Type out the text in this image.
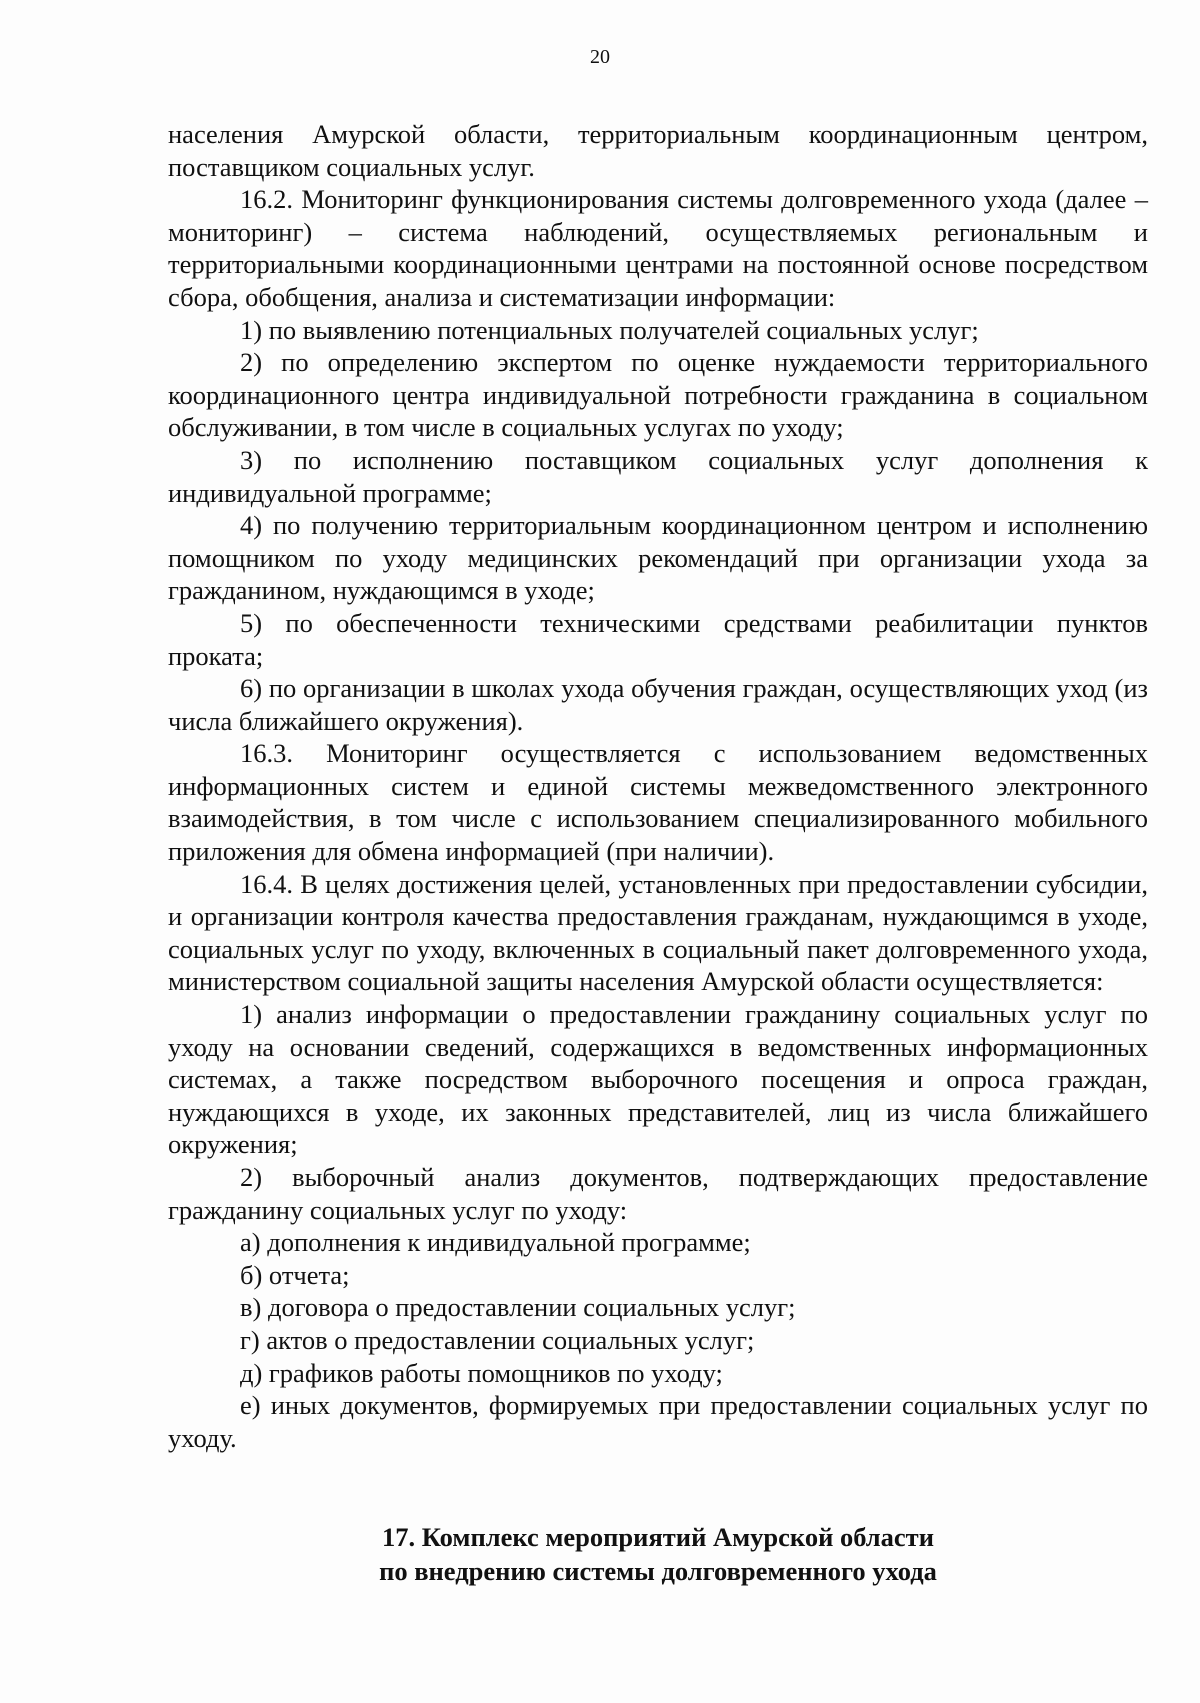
20

населения Амурской области, территориальным координационным центром, поставщиком социальных услуг.

16.2. Мониторинг функционирования системы долговременного ухода (далее – мониторинг) – система наблюдений, осуществляемых региональным и территориальными координационными центрами на постоянной основе посредством сбора, обобщения, анализа и систематизации информации:

1) по выявлению потенциальных получателей социальных услуг;

2) по определению экспертом по оценке нуждаемости территориального координационного центра индивидуальной потребности гражданина в социальном обслуживании, в том числе в социальных услугах по уходу;

3) по исполнению поставщиком социальных услуг дополнения к индивидуальной программе;

4) по получению территориальным координационном центром и исполнению помощником по уходу медицинских рекомендаций при организации ухода за гражданином, нуждающимся в уходе;

5) по обеспеченности техническими средствами реабилитации пунктов проката;

6) по организации в школах ухода обучения граждан, осуществляющих уход (из числа ближайшего окружения).

16.3. Мониторинг осуществляется с использованием ведомственных информационных систем и единой системы межведомственного электронного взаимодействия, в том числе с использованием специализированного мобильного приложения для обмена информацией (при наличии).

16.4. В целях достижения целей, установленных при предоставлении субсидии, и организации контроля качества предоставления гражданам, нуждающимся в уходе, социальных услуг по уходу, включенных в социальный пакет долговременного ухода, министерством социальной защиты населения Амурской области осуществляется:

1) анализ информации о предоставлении гражданину социальных услуг по уходу на основании сведений, содержащихся в ведомственных информационных системах, а также посредством выборочного посещения и опроса граждан, нуждающихся в уходе, их законных представителей, лиц из числа ближайшего окружения;

2) выборочный анализ документов, подтверждающих предоставление гражданину социальных услуг по уходу:

а) дополнения к индивидуальной программе;

б) отчета;

в) договора о предоставлении социальных услуг;

г) актов о предоставлении социальных услуг;

д) графиков работы помощников по уходу;

е) иных документов, формируемых при предоставлении социальных услуг по уходу.

17. Комплекс мероприятий Амурской области
по внедрению системы долговременного ухода
